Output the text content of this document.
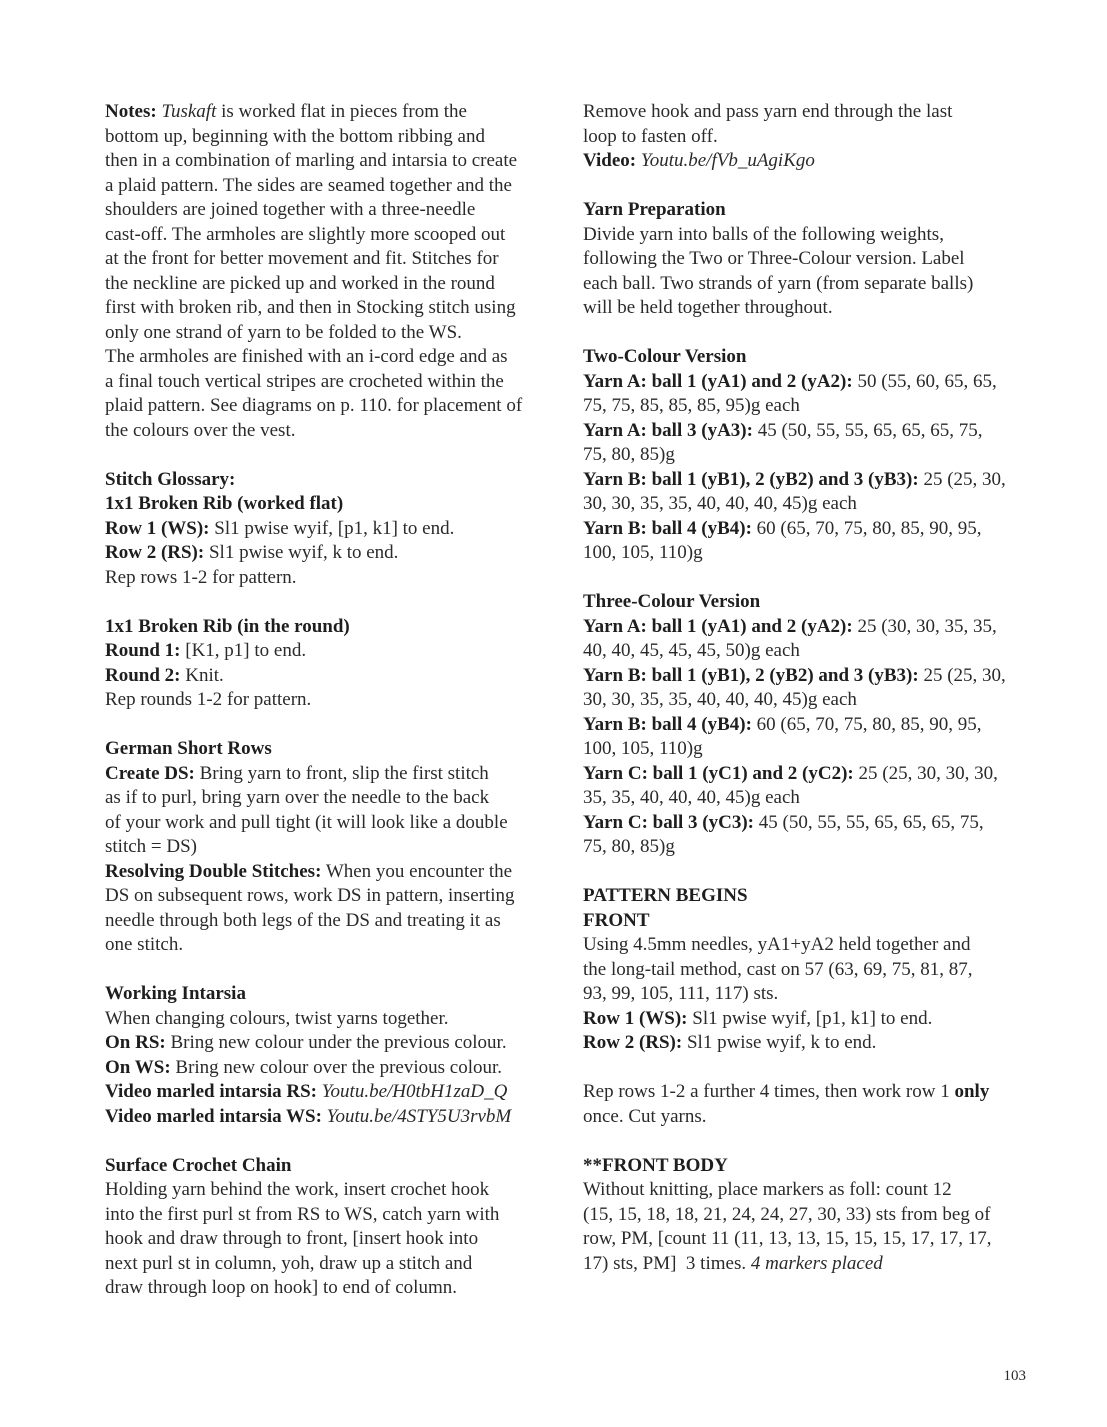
Notes: Tuskaft is worked flat in pieces from the
bottom up, beginning with the bottom ribbing and
then in a combination of marling and intarsia to create
a plaid pattern. The sides are seamed together and the
shoulders are joined together with a three-needle
cast-off. The armholes are slightly more scooped out
at the front for better movement and fit. Stitches for
the neckline are picked up and worked in the round
first with broken rib, and then in Stocking stitch using
only one strand of yarn to be folded to the WS.
The armholes are finished with an i-cord edge and as
a final touch vertical stripes are crocheted within the
plaid pattern. See diagrams on p. 110. for placement of
the colours over the vest.
Stitch Glossary:
1x1 Broken Rib (worked flat)
Row 1 (WS): Sl1 pwise wyif, [p1, k1] to end.
Row 2 (RS): Sl1 pwise wyif, k to end.
Rep rows 1-2 for pattern.
1x1 Broken Rib (in the round)
Round 1: [K1, p1] to end.
Round 2: Knit.
Rep rounds 1-2 for pattern.
German Short Rows
Create DS: Bring yarn to front, slip the first stitch
as if to purl, bring yarn over the needle to the back
of your work and pull tight (it will look like a double
stitch = DS)
Resolving Double Stitches: When you encounter the
DS on subsequent rows, work DS in pattern, inserting
needle through both legs of the DS and treating it as
one stitch.
Working Intarsia
When changing colours, twist yarns together.
On RS: Bring new colour under the previous colour.
On WS: Bring new colour over the previous colour.
Video marled intarsia RS: Youtu.be/H0tbH1zaD_Q
Video marled intarsia WS: Youtu.be/4STY5U3rvbM
Surface Crochet Chain
Holding yarn behind the work, insert crochet hook
into the first purl st from RS to WS, catch yarn with
hook and draw through to front, [insert hook into
next purl st in column, yoh, draw up a stitch and
draw through loop on hook] to end of column.
Remove hook and pass yarn end through the last
loop to fasten off.
Video: Youtu.be/fVb_uAgiKgo
Yarn Preparation
Divide yarn into balls of the following weights,
following the Two or Three-Colour version. Label
each ball. Two strands of yarn (from separate balls)
will be held together throughout.
Two-Colour Version
Yarn A: ball 1 (yA1) and 2 (yA2): 50 (55, 60, 65, 65,
75, 75, 85, 85, 85, 95)g each
Yarn A: ball 3 (yA3): 45 (50, 55, 55, 65, 65, 65, 75,
75, 80, 85)g
Yarn B: ball 1 (yB1), 2 (yB2) and 3 (yB3): 25 (25, 30,
30, 30, 35, 35, 40, 40, 40, 45)g each
Yarn B: ball 4 (yB4): 60 (65, 70, 75, 80, 85, 90, 95,
100, 105, 110)g
Three-Colour Version
Yarn A: ball 1 (yA1) and 2 (yA2): 25 (30, 30, 35, 35,
40, 40, 45, 45, 45, 50)g each
Yarn B: ball 1 (yB1), 2 (yB2) and 3 (yB3): 25 (25, 30,
30, 30, 35, 35, 40, 40, 40, 45)g each
Yarn B: ball 4 (yB4): 60 (65, 70, 75, 80, 85, 90, 95,
100, 105, 110)g
Yarn C: ball 1 (yC1) and 2 (yC2): 25 (25, 30, 30, 30,
35, 35, 40, 40, 40, 45)g each
Yarn C: ball 3 (yC3): 45 (50, 55, 55, 65, 65, 65, 75,
75, 80, 85)g
PATTERN BEGINS
FRONT
Using 4.5mm needles, yA1+yA2 held together and
the long-tail method, cast on 57 (63, 69, 75, 81, 87,
93, 99, 105, 111, 117) sts.
Row 1 (WS): Sl1 pwise wyif, [p1, k1] to end.
Row 2 (RS): Sl1 pwise wyif, k to end.
Rep rows 1-2 a further 4 times, then work row 1 only
once. Cut yarns.
**FRONT BODY
Without knitting, place markers as foll: count 12
(15, 15, 18, 18, 21, 24, 24, 27, 30, 33) sts from beg of
row, PM, [count 11 (11, 13, 13, 15, 15, 15, 17, 17, 17,
17) sts, PM]  3 times. 4 markers placed
103
